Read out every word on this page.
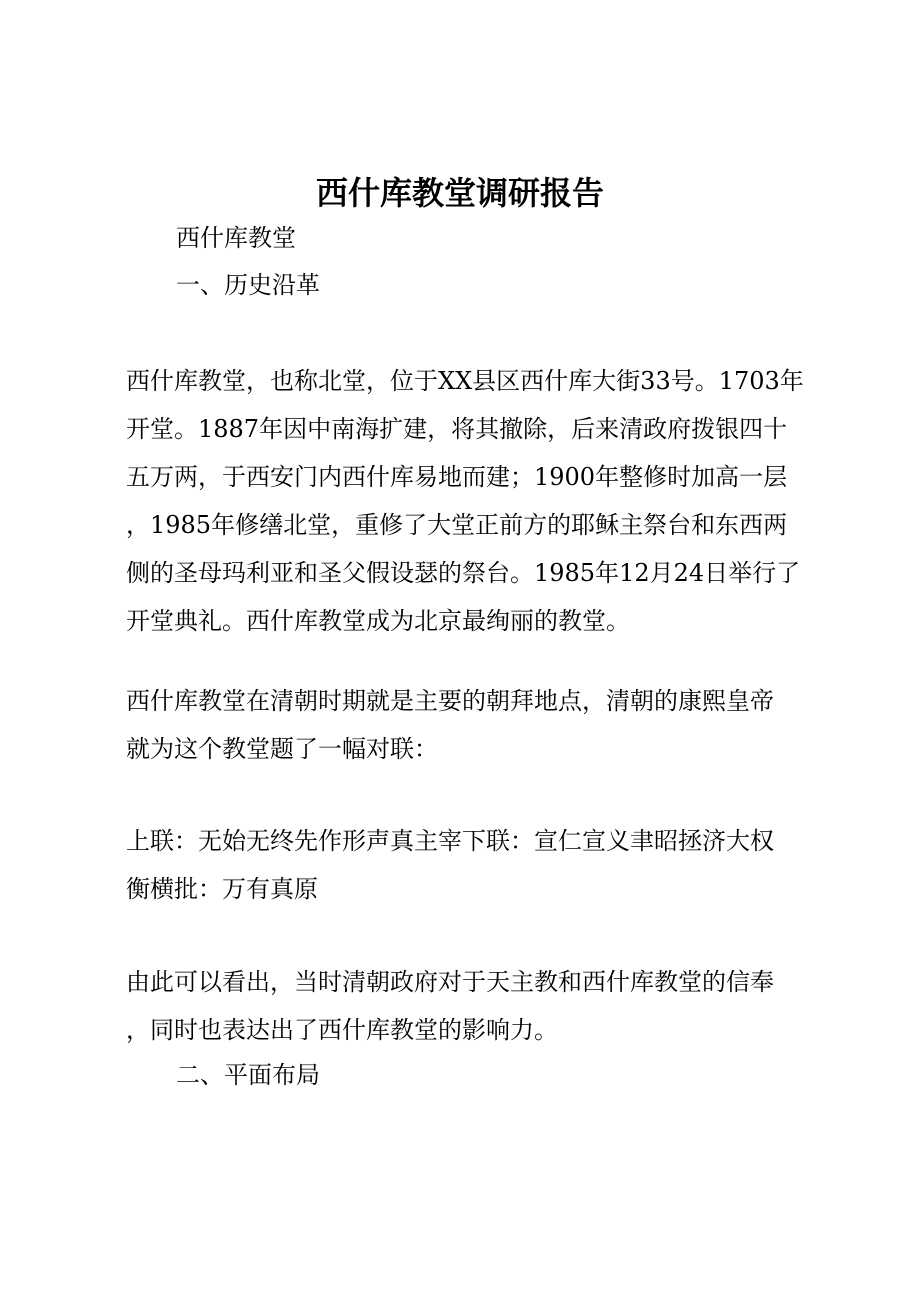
西什库教堂调研报告

西什库教堂

一、历史沿革

西什库教堂，也称北堂，位于XX县区西什库大街33号。1703年
开堂。1887年因中南海扩建，将其撤除，后来清政府拨银四十
五万两，于西安门内西什库易地而建；1900年整修时加高一层
，1985年修缮北堂，重修了大堂正前方的耶稣主祭台和东西两
侧的圣母玛利亚和圣父假设瑟的祭台。1985年12月24日举行了
开堂典礼。西什库教堂成为北京最绚丽的教堂。

西什库教堂在清朝时期就是主要的朝拜地点，清朝的康熙皇帝
就为这个教堂题了一幅对联：

上联：无始无终先作形声真主宰下联：宣仁宣义聿昭拯济大权
衡横批：万有真原

由此可以看出，当时清朝政府对于天主教和西什库教堂的信奉
，同时也表达出了西什库教堂的影响力。

二、平面布局
